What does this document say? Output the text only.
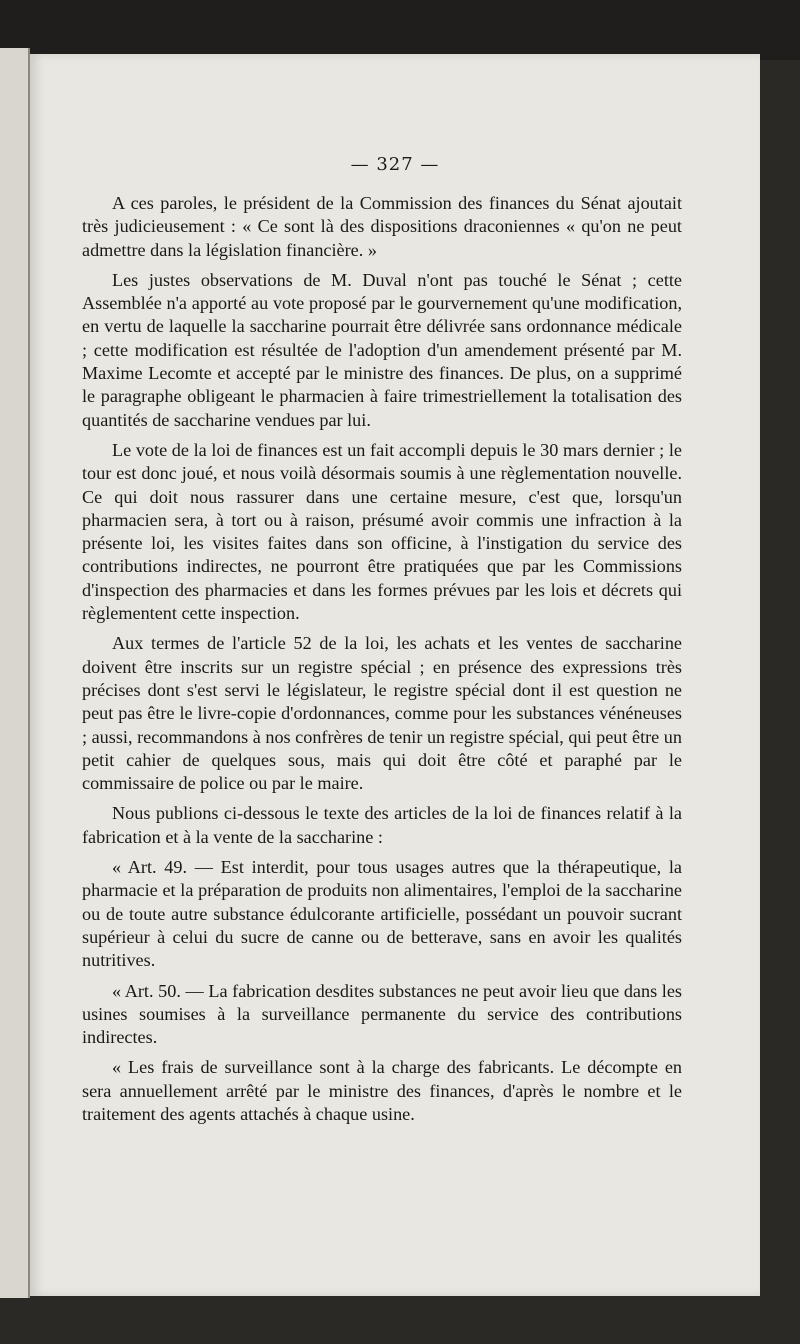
— 327 —

A ces paroles, le président de la Commission des finances du Sénat ajoutait très judicieusement : « Ce sont là des dispositions draconiennes « qu'on ne peut admettre dans la législation financière. »

Les justes observations de M. Duval n'ont pas touché le Sénat ; cette Assemblée n'a apporté au vote proposé par le gourvernement qu'une modification, en vertu de laquelle la saccharine pourrait être délivrée sans ordonnance médicale ; cette modification est résultée de l'adoption d'un amendement présenté par M. Maxime Lecomte et accepté par le ministre des finances. De plus, on a supprimé le paragraphe obligeant le pharmacien à faire trimestriellement la totalisation des quantités de saccharine vendues par lui.

Le vote de la loi de finances est un fait accompli depuis le 30 mars dernier ; le tour est donc joué, et nous voilà désormais soumis à une règlementation nouvelle. Ce qui doit nous rassurer dans une certaine mesure, c'est que, lorsqu'un pharmacien sera, à tort ou à raison, présumé avoir commis une infraction à la présente loi, les visites faites dans son officine, à l'instigation du service des contributions indirectes, ne pourront être pratiquées que par les Commissions d'inspection des pharmacies et dans les formes prévues par les lois et décrets qui règlementent cette inspection.

Aux termes de l'article 52 de la loi, les achats et les ventes de saccharine doivent être inscrits sur un registre spécial ; en présence des expressions très précises dont s'est servi le législateur, le registre spécial dont il est question ne peut pas être le livre-copie d'ordonnances, comme pour les substances vénéneuses ; aussi, recommandons à nos confrères de tenir un registre spécial, qui peut être un petit cahier de quelques sous, mais qui doit être côté et paraphé par le commissaire de police ou par le maire.

Nous publions ci-dessous le texte des articles de la loi de finances relatif à la fabrication et à la vente de la saccharine :

« Art. 49. — Est interdit, pour tous usages autres que la thérapeutique, la pharmacie et la préparation de produits non alimentaires, l'emploi de la saccharine ou de toute autre substance édulcorante artificielle, possédant un pouvoir sucrant supérieur à celui du sucre de canne ou de betterave, sans en avoir les qualités nutritives.

« Art. 50. — La fabrication desdites substances ne peut avoir lieu que dans les usines soumises à la surveillance permanente du service des contributions indirectes.

« Les frais de surveillance sont à la charge des fabricants. Le décompte en sera annuellement arrêté par le ministre des finances, d'après le nombre et le traitement des agents attachés à chaque usine.
